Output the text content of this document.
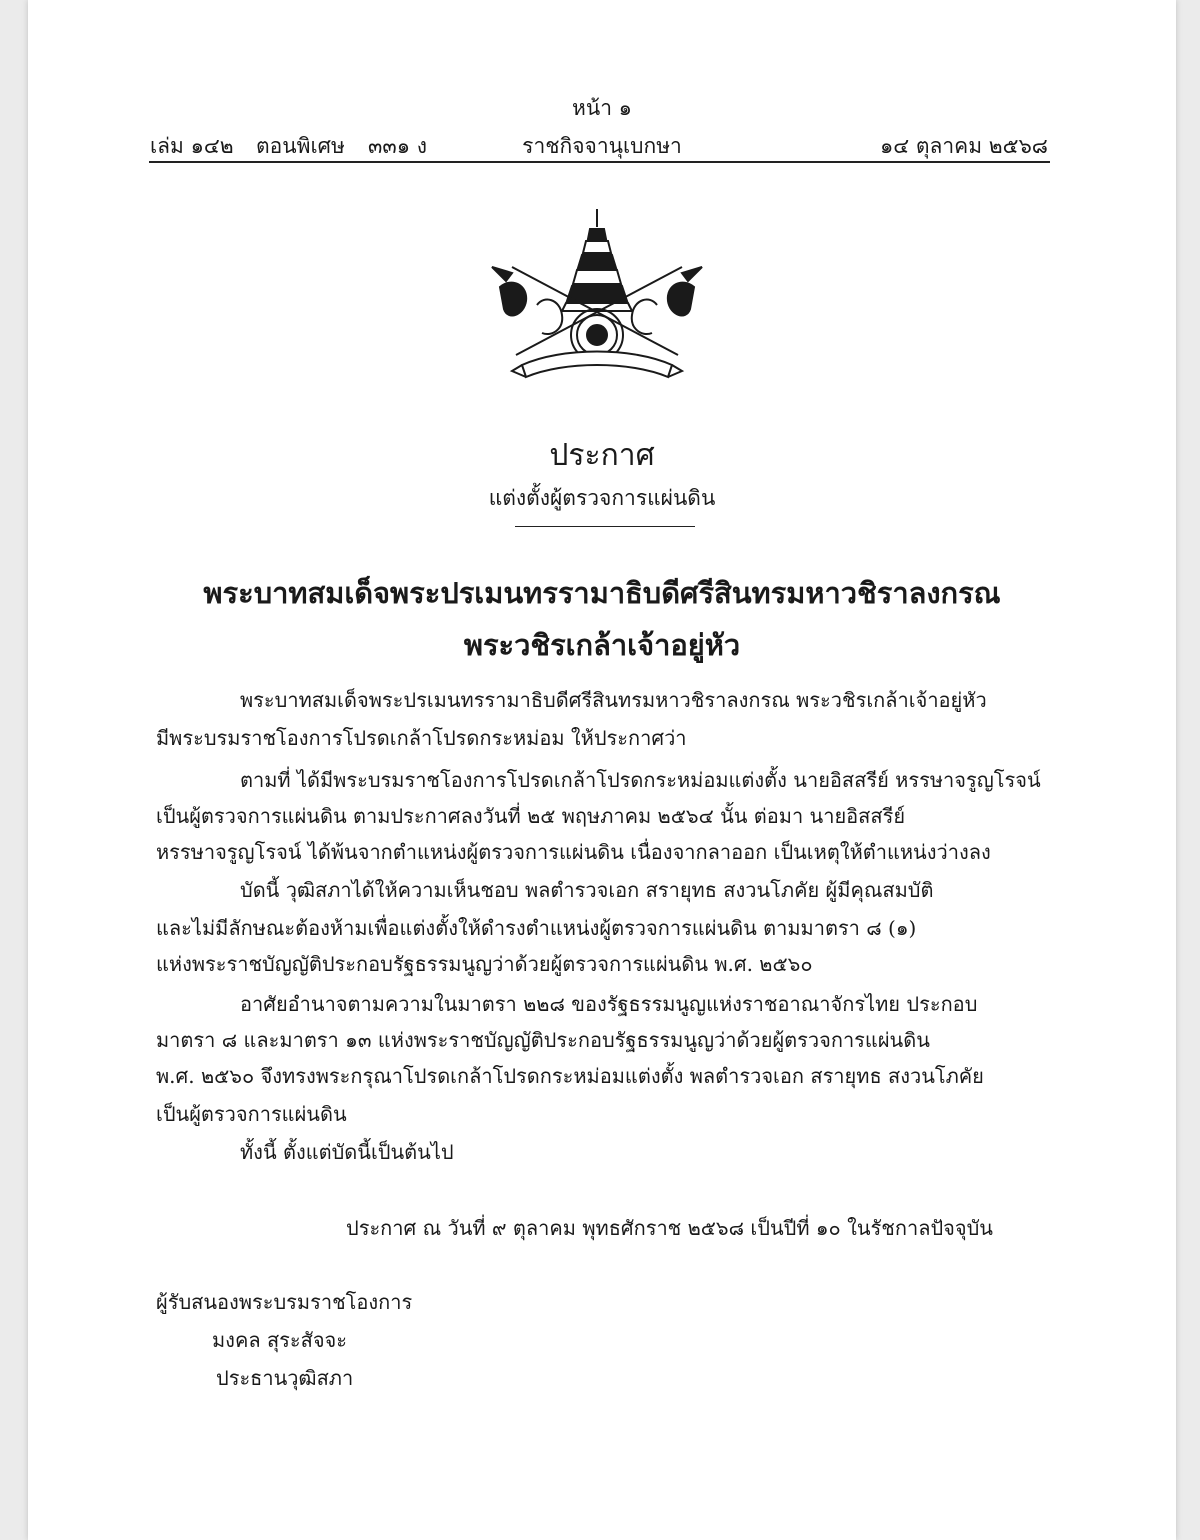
หน้า ๑
เล่ม ๑๔๒ ตอนพิเศษ ๓๓๑ ง	ราชกิจจานุเบกษา	๑๔ ตุลาคม ๒๕๖๘
ประกาศ
แต่งตั้งผู้ตรวจการแผ่นดิน
พระบาทสมเด็จพระปรเมนทรรามาธิบดีศรีสินทรมหาวชิราลงกรณ
พระวชิรเกล้าเจ้าอยู่หัว
พระบาทสมเด็จพระปรเมนทรรามาธิบดีศรีสินทรมหาวชิราลงกรณ พระวชิรเกล้าเจ้าอยู่หัว
มีพระบรมราชโองการโปรดเกล้าโปรดกระหม่อม ให้ประกาศว่า
ตามที่ ได้มีพระบรมราชโองการโปรดเกล้าโปรดกระหม่อมแต่งตั้ง นายอิสสรีย์ หรรษาจรูญโรจน์
เป็นผู้ตรวจการแผ่นดิน ตามประกาศลงวันที่ ๒๕ พฤษภาคม ๒๕๖๔ นั้น ต่อมา นายอิสสรีย์
หรรษาจรูญโรจน์ ได้พ้นจากตำแหน่งผู้ตรวจการแผ่นดิน เนื่องจากลาออก เป็นเหตุให้ตำแหน่งว่างลง
บัดนี้ วุฒิสภาได้ให้ความเห็นชอบ พลตำรวจเอก สรายุทธ สงวนโภคัย ผู้มีคุณสมบัติ
และไม่มีลักษณะต้องห้ามเพื่อแต่งตั้งให้ดำรงตำแหน่งผู้ตรวจการแผ่นดิน ตามมาตรา ๘ (๑)
แห่งพระราชบัญญัติประกอบรัฐธรรมนูญว่าด้วยผู้ตรวจการแผ่นดิน พ.ศ. ๒๕๖๐
อาศัยอำนาจตามความในมาตรา ๒๒๘ ของรัฐธรรมนูญแห่งราชอาณาจักรไทย ประกอบ
มาตรา ๘ และมาตรา ๑๓ แห่งพระราชบัญญัติประกอบรัฐธรรมนูญว่าด้วยผู้ตรวจการแผ่นดิน
พ.ศ. ๒๕๖๐ จึงทรงพระกรุณาโปรดเกล้าโปรดกระหม่อมแต่งตั้ง พลตำรวจเอก สรายุทธ สงวนโภคัย
เป็นผู้ตรวจการแผ่นดิน
ทั้งนี้ ตั้งแต่บัดนี้เป็นต้นไป
ประกาศ ณ วันที่ ๙ ตุลาคม พุทธศักราช ๒๕๖๘ เป็นปีที่ ๑๐ ในรัชกาลปัจจุบัน
ผู้รับสนองพระบรมราชโองการ
มงคล สุระสัจจะ
ประธานวุฒิสภา
